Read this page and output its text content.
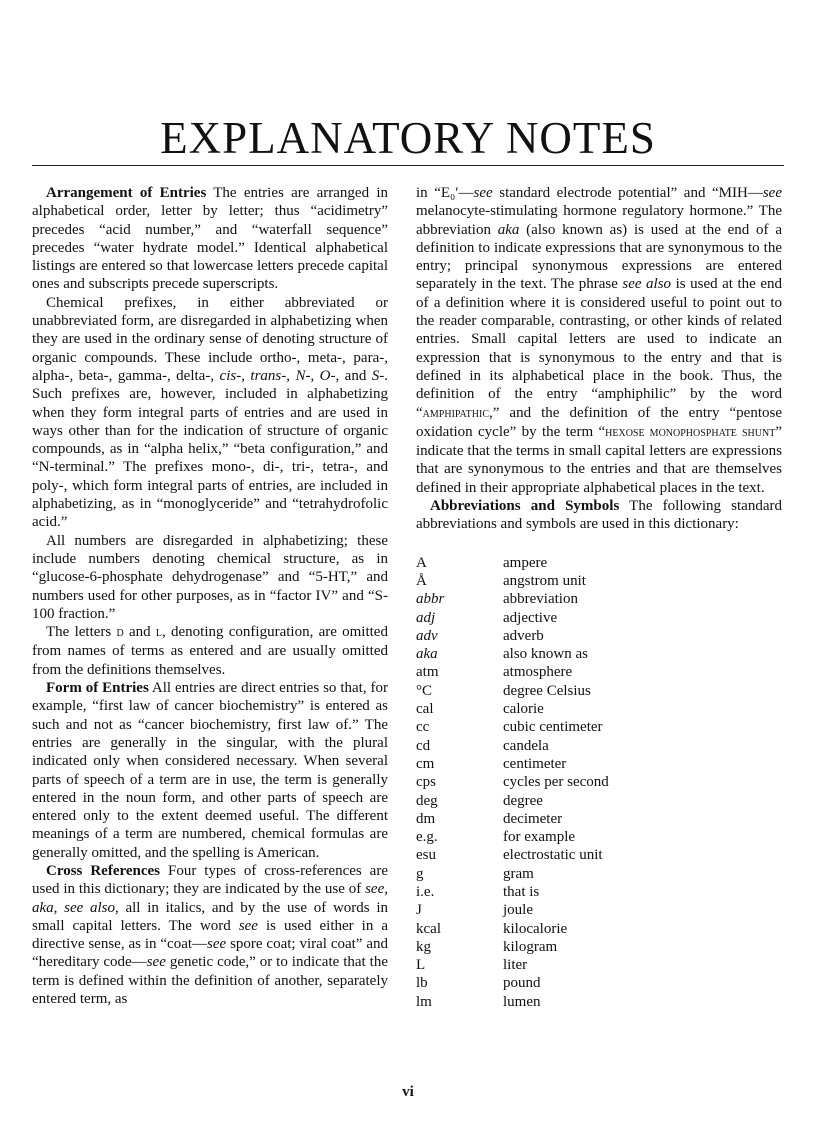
EXPLANATORY NOTES

Arrangement of Entries The entries are arranged in alphabetical order, letter by letter; thus “acidimetry” precedes “acid number,” and “waterfall sequence” precedes “water hydrate model.” Identical alphabetical listings are entered so that lowercase letters precede capital ones and subscripts precede superscripts.

Chemical prefixes, in either abbreviated or unabbreviated form, are disregarded in alphabetizing when they are used in the ordinary sense of denoting structure of organic compounds. These include ortho-, meta-, para-, alpha-, beta-, gamma-, delta-, cis-, trans-, N-, O-, and S-. Such prefixes are, however, included in alphabetizing when they form integral parts of entries and are used in ways other than for the indication of structure of organic compounds, as in “alpha helix,” “beta configuration,” and “N-terminal.” The prefixes mono-, di-, tri-, tetra-, and poly-, which form integral parts of entries, are included in alphabetizing, as in “monoglyceride” and “tetrahydrofolic acid.”

All numbers are disregarded in alphabetizing; these include numbers denoting chemical structure, as in “glucose-6-phosphate dehydrogenase” and “5-HT,” and numbers used for other purposes, as in “factor IV” and “S-100 fraction.”

The letters d and l, denoting configuration, are omitted from names of terms as entered and are usually omitted from the definitions themselves.

Form of Entries All entries are direct entries so that, for example, “first law of cancer biochemistry” is entered as such and not as “cancer biochemistry, first law of.” The entries are generally in the singular, with the plural indicated only when considered necessary. When several parts of speech of a term are in use, the term is generally entered in the noun form, and other parts of speech are entered only to the extent deemed useful. The different meanings of a term are numbered, chemical formulas are generally omitted, and the spelling is American.

Cross References Four types of cross-references are used in this dictionary; they are indicated by the use of see, aka, see also, all in italics, and by the use of words in small capital letters. The word see is used either in a directive sense, as in “coat—see spore coat; viral coat” and “hereditary code—see genetic code,” or to indicate that the term is defined within the definition of another, separately entered term, as

in “E₀′—see standard electrode potential” and “MIH—see melanocyte-stimulating hormone regulatory hormone.” The abbreviation aka (also known as) is used at the end of a definition to indicate expressions that are synonymous to the entry; principal synonymous expressions are entered separately in the text. The phrase see also is used at the end of a definition where it is considered useful to point out to the reader comparable, contrasting, or other kinds of related entries. Small capital letters are used to indicate an expression that is synonymous to the entry and that is defined in its alphabetical place in the book. Thus, the definition of the entry “amphiphilic” by the word “amphipathic,” and the definition of the entry “pentose oxidation cycle” by the term “hexose monophosphate shunt” indicate that the terms in small capital letters are expressions that are synonymous to the entries and that are themselves defined in their appropriate alphabetical places in the text.

Abbreviations and Symbols The following standard abbreviations and symbols are used in this dictionary:

A	ampere
Å	angstrom unit
abbr	abbreviation
adj	adjective
adv	adverb
aka	also known as
atm	atmosphere
°C	degree Celsius
cal	calorie
cc	cubic centimeter
cd	candela
cm	centimeter
cps	cycles per second
deg	degree
dm	decimeter
e.g.	for example
esu	electrostatic unit
g	gram
i.e.	that is
J	joule
kcal	kilocalorie
kg	kilogram
L	liter
lb	pound
lm	lumen
vi
